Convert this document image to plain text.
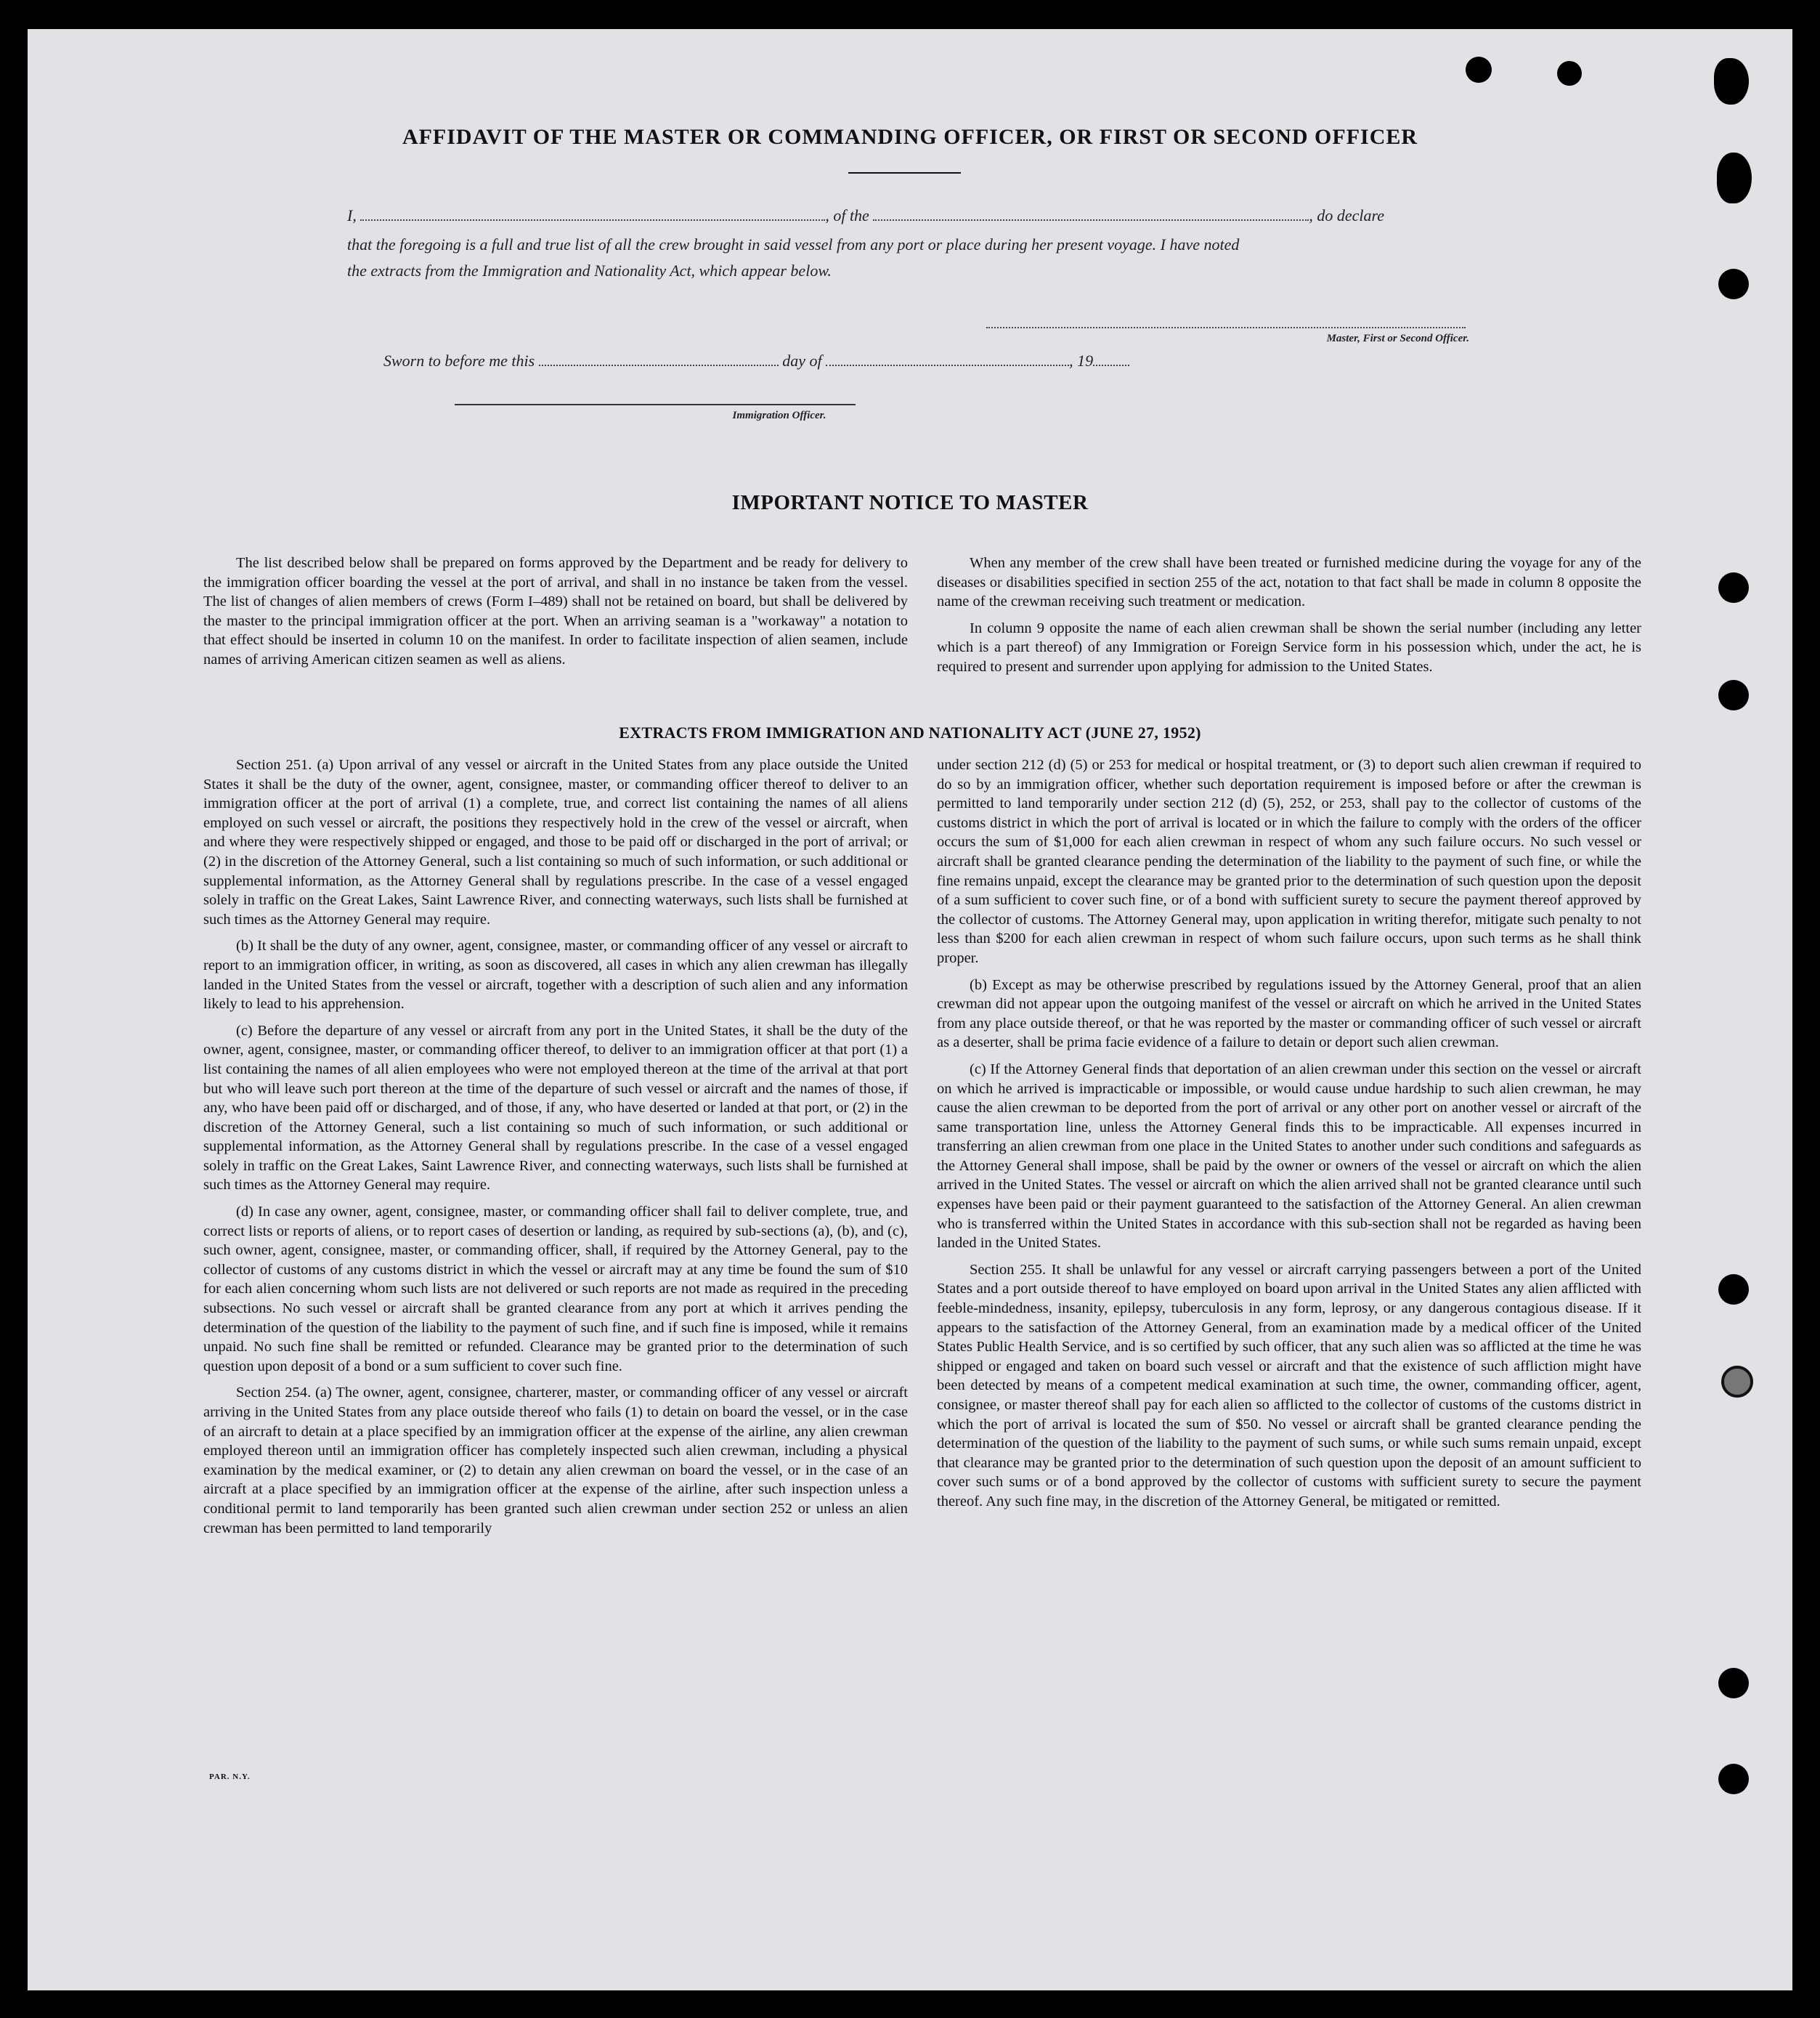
AFFIDAVIT OF THE MASTER OR COMMANDING OFFICER, OR FIRST OR SECOND OFFICER
I,	, of the	, do declare
that the foregoing is a full and true list of all the crew brought in said vessel from any port or place during her present voyage. I have noted
the extracts from the Immigration and Nationality Act, which appear below.
Master, First or Second Officer.
Sworn to before me this	day of	, 19
Immigration Officer.
IMPORTANT NOTICE TO MASTER

The list described below shall be prepared on forms approved by the Department and be ready for delivery to the immigration officer boarding the vessel at the port of arrival, and shall in no instance be taken from the vessel. The list of changes of alien members of crews (Form I–489) shall not be retained on board, but shall be delivered by the master to the principal immigration officer at the port. When an arriving seaman is a "workaway" a notation to that effect should be inserted in column 10 on the manifest. In order to facilitate inspection of alien seamen, include names of arriving American citizen seamen as well as aliens.

When any member of the crew shall have been treated or furnished medicine during the voyage for any of the diseases or disabilities specified in section 255 of the act, notation to that fact shall be made in column 8 opposite the name of the crewman receiving such treatment or medication.

In column 9 opposite the name of each alien crewman shall be shown the serial number (including any letter which is a part thereof) of any Immigration or Foreign Service form in his possession which, under the act, he is required to present and surrender upon applying for admission to the United States.

EXTRACTS FROM IMMIGRATION AND NATIONALITY ACT (JUNE 27, 1952)

Section 251. (a) Upon arrival of any vessel or aircraft in the United States from any place outside the United States it shall be the duty of the owner, agent, consignee, master, or commanding officer thereof to deliver to an immigration officer at the port of arrival (1) a complete, true, and correct list containing the names of all aliens employed on such vessel or aircraft, the positions they respectively hold in the crew of the vessel or aircraft, when and where they were respectively shipped or engaged, and those to be paid off or discharged in the port of arrival; or (2) in the discretion of the Attorney General, such a list containing so much of such information, or such additional or supplemental information, as the Attorney General shall by regulations prescribe. In the case of a vessel engaged solely in traffic on the Great Lakes, Saint Lawrence River, and connecting waterways, such lists shall be furnished at such times as the Attorney General may require.

(b) It shall be the duty of any owner, agent, consignee, master, or commanding officer of any vessel or aircraft to report to an immigration officer, in writing, as soon as discovered, all cases in which any alien crewman has illegally landed in the United States from the vessel or aircraft, together with a description of such alien and any information likely to lead to his apprehension.

(c) Before the departure of any vessel or aircraft from any port in the United States, it shall be the duty of the owner, agent, consignee, master, or commanding officer thereof, to deliver to an immigration officer at that port (1) a list containing the names of all alien employees who were not employed thereon at the time of the arrival at that port but who will leave such port thereon at the time of the departure of such vessel or aircraft and the names of those, if any, who have been paid off or discharged, and of those, if any, who have deserted or landed at that port, or (2) in the discretion of the Attorney General, such a list containing so much of such information, or such additional or supplemental information, as the Attorney General shall by regulations prescribe. In the case of a vessel engaged solely in traffic on the Great Lakes, Saint Lawrence River, and connecting waterways, such lists shall be furnished at such times as the Attorney General may require.

(d) In case any owner, agent, consignee, master, or commanding officer shall fail to deliver complete, true, and correct lists or reports of aliens, or to report cases of desertion or landing, as required by sub-sections (a), (b), and (c), such owner, agent, consignee, master, or commanding officer, shall, if required by the Attorney General, pay to the collector of customs of any customs district in which the vessel or aircraft may at any time be found the sum of $10 for each alien concerning whom such lists are not delivered or such reports are not made as required in the preceding subsections. No such vessel or aircraft shall be granted clearance from any port at which it arrives pending the determination of the question of the liability to the payment of such fine, and if such fine is imposed, while it remains unpaid. No such fine shall be remitted or refunded. Clearance may be granted prior to the determination of such question upon deposit of a bond or a sum sufficient to cover such fine.

Section 254. (a) The owner, agent, consignee, charterer, master, or commanding officer of any vessel or aircraft arriving in the United States from any place outside thereof who fails (1) to detain on board the vessel, or in the case of an aircraft to detain at a place specified by an immigration officer at the expense of the airline, any alien crewman employed thereon until an immigration officer has completely inspected such alien crewman, including a physical examination by the medical examiner, or (2) to detain any alien crewman on board the vessel, or in the case of an aircraft at a place specified by an immigration officer at the expense of the airline, after such inspection unless a conditional permit to land temporarily has been granted such alien crewman under section 252 or unless an alien crewman has been permitted to land temporarily

under section 212 (d) (5) or 253 for medical or hospital treatment, or (3) to deport such alien crewman if required to do so by an immigration officer, whether such deportation requirement is imposed before or after the crewman is permitted to land temporarily under section 212 (d) (5), 252, or 253, shall pay to the collector of customs of the customs district in which the port of arrival is located or in which the failure to comply with the orders of the officer occurs the sum of $1,000 for each alien crewman in respect of whom any such failure occurs. No such vessel or aircraft shall be granted clearance pending the determination of the liability to the payment of such fine, or while the fine remains unpaid, except the clearance may be granted prior to the determination of such question upon the deposit of a sum sufficient to cover such fine, or of a bond with sufficient surety to secure the payment thereof approved by the collector of customs. The Attorney General may, upon application in writing therefor, mitigate such penalty to not less than $200 for each alien crewman in respect of whom such failure occurs, upon such terms as he shall think proper.

(b) Except as may be otherwise prescribed by regulations issued by the Attorney General, proof that an alien crewman did not appear upon the outgoing manifest of the vessel or aircraft on which he arrived in the United States from any place outside thereof, or that he was reported by the master or commanding officer of such vessel or aircraft as a deserter, shall be prima facie evidence of a failure to detain or deport such alien crewman.

(c) If the Attorney General finds that deportation of an alien crewman under this section on the vessel or aircraft on which he arrived is impracticable or impossible, or would cause undue hardship to such alien crewman, he may cause the alien crewman to be deported from the port of arrival or any other port on another vessel or aircraft of the same transportation line, unless the Attorney General finds this to be impracticable. All expenses incurred in transferring an alien crewman from one place in the United States to another under such conditions and safeguards as the Attorney General shall impose, shall be paid by the owner or owners of the vessel or aircraft on which the alien arrived in the United States. The vessel or aircraft on which the alien arrived shall not be granted clearance until such expenses have been paid or their payment guaranteed to the satisfaction of the Attorney General. An alien crewman who is transferred within the United States in accordance with this sub-section shall not be regarded as having been landed in the United States.

Section 255. It shall be unlawful for any vessel or aircraft carrying passengers between a port of the United States and a port outside thereof to have employed on board upon arrival in the United States any alien afflicted with feeble-mindedness, insanity, epilepsy, tuberculosis in any form, leprosy, or any dangerous contagious disease. If it appears to the satisfaction of the Attorney General, from an examination made by a medical officer of the United States Public Health Service, and is so certified by such officer, that any such alien was so afflicted at the time he was shipped or engaged and taken on board such vessel or aircraft and that the existence of such affliction might have been detected by means of a competent medical examination at such time, the owner, commanding officer, agent, consignee, or master thereof shall pay for each alien so afflicted to the collector of customs of the customs district in which the port of arrival is located the sum of $50. No vessel or aircraft shall be granted clearance pending the determination of the question of the liability to the payment of such sums, or while such sums remain unpaid, except that clearance may be granted prior to the determination of such question upon the deposit of an amount sufficient to cover such sums or of a bond approved by the collector of customs with sufficient surety to secure the payment thereof. Any such fine may, in the discretion of the Attorney General, be mitigated or remitted.

PAR. N.Y.
